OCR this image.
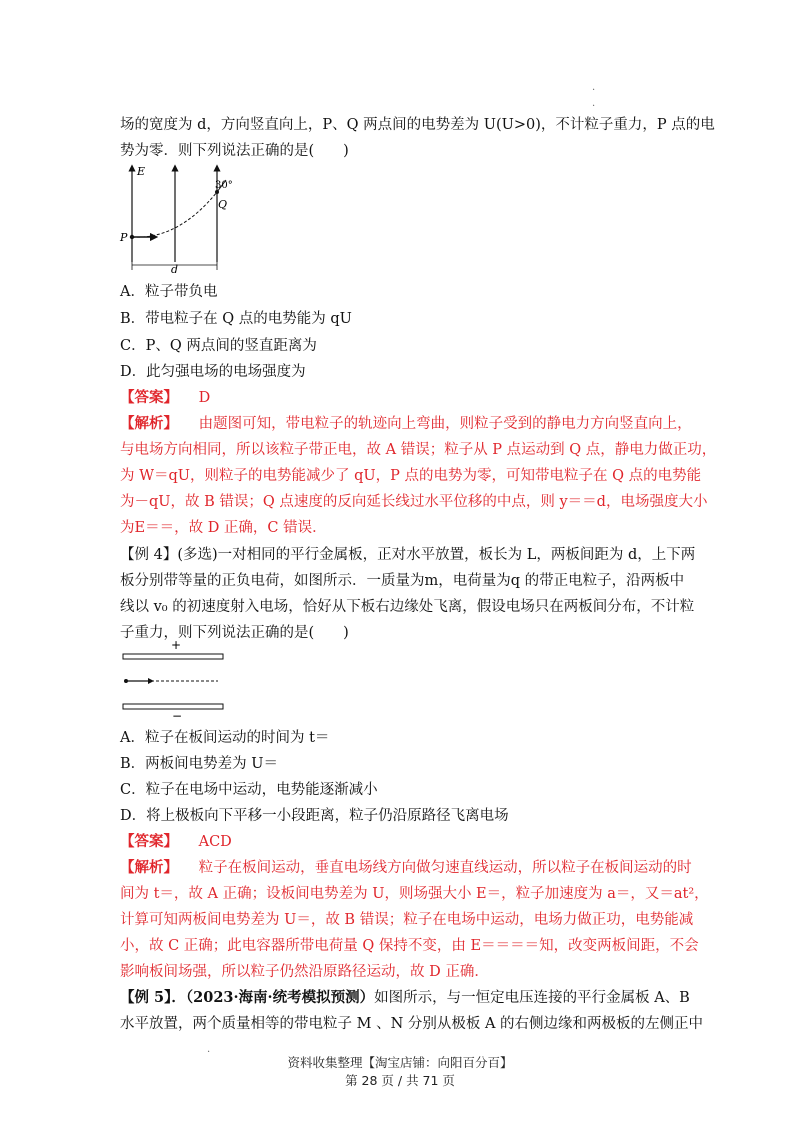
.
.
场的宽度为 d，方向竖直向上，P、Q 两点间的电势差为 U(U>0)，不计粒子重力，P 点的电
势为零．则下列说法正确的是(　　)
E
30°
Q
P
d
A．粒子带负电
B．带电粒子在 Q 点的电势能为 qU
C．P、Q 两点间的竖直距离为
D．此匀强电场的电场强度为
【答案】 D
【解析】 由题图可知，带电粒子的轨迹向上弯曲，则粒子受到的静电力方向竖直向上，
与电场方向相同，所以该粒子带正电，故 A 错误；粒子从 P 点运动到 Q 点，静电力做正功，
为 W＝qU，则粒子的电势能减少了 qU，P 点的电势为零，可知带电粒子在 Q 点的电势能
为－qU，故 B 错误；Q 点速度的反向延长线过水平位移的中点，则 y＝＝d，电场强度大小
为E＝＝，故 D 正确，C 错误．
【例 4】(多选)一对相同的平行金属板，正对水平放置，板长为 L，两板间距为 d，上下两
板分别带等量的正负电荷，如图所示．一质量为m，电荷量为q 的带正电粒子，沿两板中
线以 v₀ 的初速度射入电场，恰好从下板右边缘处飞离，假设电场只在两板间分布，不计粒
子重力，则下列说法正确的是(　　)
+
−
A．粒子在板间运动的时间为 t＝
B．两板间电势差为 U＝
C．粒子在电场中运动，电势能逐渐减小
D．将上极板向下平移一小段距离，粒子仍沿原路径飞离电场
【答案】 ACD
【解析】 粒子在板间运动，垂直电场线方向做匀速直线运动，所以粒子在板间运动的时
间为 t＝，故 A 正确；设板间电势差为 U，则场强大小 E＝，粒子加速度为 a＝，又＝at²，
计算可知两板间电势差为 U＝，故 B 错误；粒子在电场中运动，电场力做正功，电势能减
小，故 C 正确；此电容器所带电荷量 Q 保持不变，由 E＝＝＝＝知，改变两板间距，不会
影响板间场强，所以粒子仍然沿原路径运动，故 D 正确．
【例 5】．（2023·海南·统考模拟预测）如图所示，与一恒定电压连接的平行金属板 A、B
水平放置，两个质量相等的带电粒子 M 、N 分别从极板 A 的右侧边缘和两极板的左侧正中
.
资料收集整理【淘宝店铺：向阳百分百】
第 28 页 / 共 71 页
